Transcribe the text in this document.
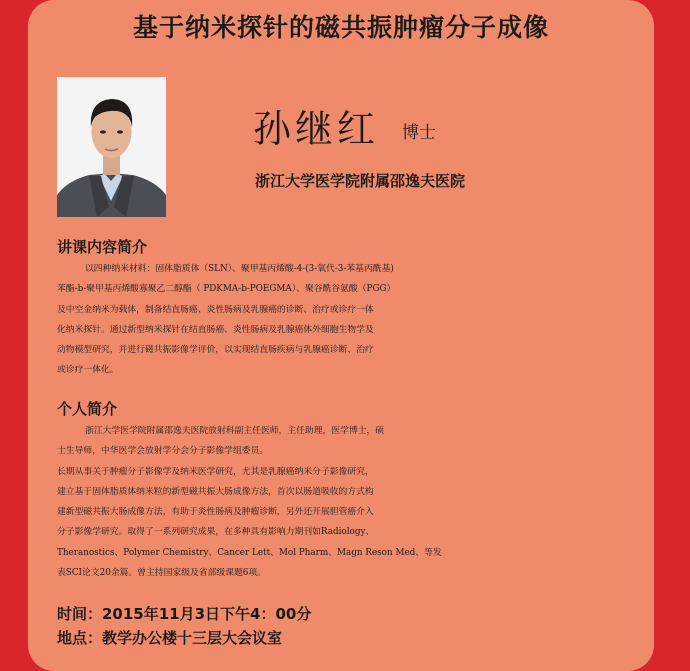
基于纳米探针的磁共振肿瘤分子成像
孙继红 博士
浙江大学医学院附属邵逸夫医院
讲课内容简介
以四种纳米材料：固体脂质体（SLN）、聚甲基丙烯酸-4-(3-氧代-3-苯基丙酰基)
苯酯-b-聚甲基丙烯酸寡聚乙二醇酯（ PDKMA-b-POEGMA）、聚谷酰谷氨酸（PGG）
及中空金纳米为载体，制备结直肠癌、炎性肠病及乳腺癌的诊断、治疗或诊疗一体
化纳米探针。通过新型纳米探针在结直肠癌、炎性肠病及乳腺癌体外细胞生物学及
动物模型研究，并进行磁共振影像学评价，以实现结直肠疾病与乳腺癌诊断、治疗
或诊疗一体化。
个人简介
浙江大学医学院附属邵逸夫医院放射科副主任医师，主任助理，医学博士，硕
士生导师，中华医学会放射学分会分子影像学组委员。
长期从事关于肿瘤分子影像学及纳米医学研究，尤其是乳腺癌纳米分子影像研究，
建立基于固体脂质体纳米粒的新型磁共振大肠成像方法，首次以肠道吸收的方式构
建新型磁共振大肠成像方法，有助于炎性肠病及肿瘤诊断，另外还开展胆管癌介入
分子影像学研究。取得了一系列研究成果，在多种具有影响力期刊如Radiology、
Theranostics、Polymer Chemistry、Cancer Lett、Mol Pharm、Magn Reson Med、等发
表SCI论文20余篇。曾主持国家级及省部级课题6项。
时间：2015年11月3日下午4：00分
地点：教学办公楼十三层大会议室
